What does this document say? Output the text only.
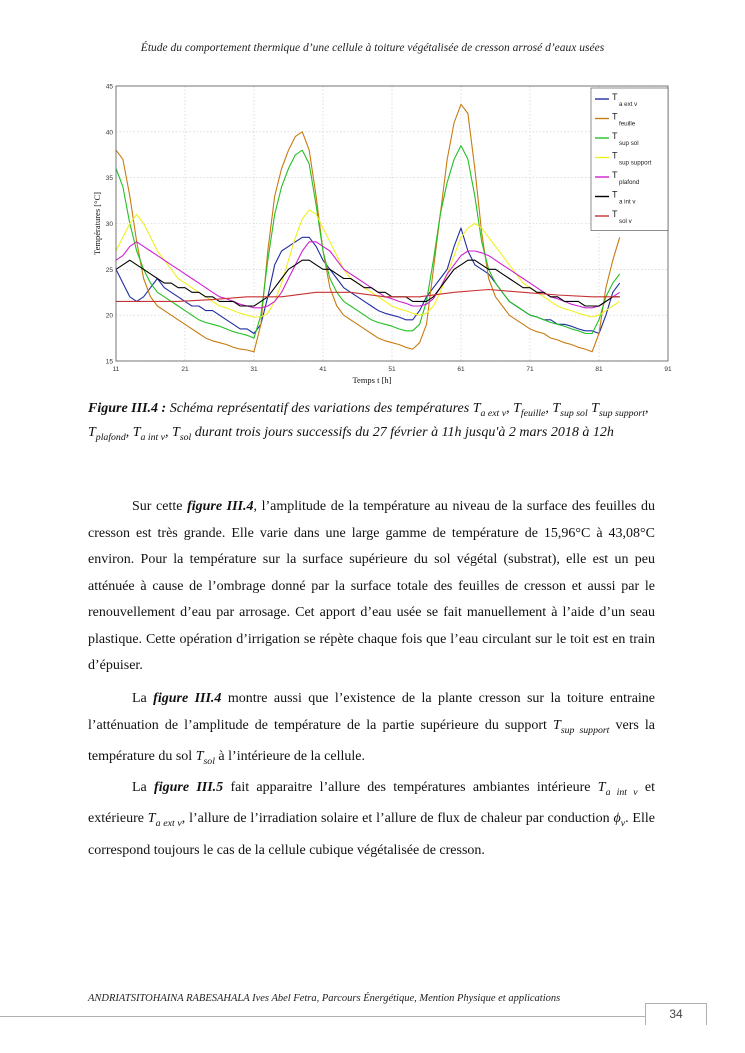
Étude du comportement thermique d’une cellule à toiture végétalisée de cresson arrosé d’eaux usées
11	21	31	41	51	61	71	81	91
15
20
25
30
35
40
45
Temps t [h]
Températures [°C]
T
a ext v
T
feuille
T
sup sol
T
sup support
T
plafond
T
a int v
T
sol v
Figure III.4 : Schéma représentatif des variations des températures $T_{a ext v}$, $T_{feuille}$, $T_{sup sol}$ $T_{sup support}$, $T_{plafond}$, $T_{a int v}$, $T_{sol}$ durant trois jours successifs du 27 février à 11h jusqu'à 2 mars 2018 à 12h
Sur cette figure III.4, l’amplitude de la température au niveau de la surface des feuilles du cresson est très grande. Elle varie dans une large gamme de température de 15,96°C à 43,08°C environ. Pour la température sur la surface supérieure du sol végétal (substrat), elle est un peu atténuée à cause de l’ombrage donné par la surface totale des feuilles de cresson et aussi par le renouvellement d’eau par arrosage. Cet apport d’eau usée se fait manuellement à l’aide d’un seau plastique. Cette opération d’irrigation se répète chaque fois que l’eau circulant sur le toit est en train d’épuiser.
La figure III.4 montre aussi que l’existence de la plante cresson sur la toiture entraine l’atténuation de l’amplitude de température de la partie supérieure du support $T_{sup support}$ vers la température du sol $T_{sol}$ à l’intérieure de la cellule.
La figure III.5 fait apparaitre l’allure des températures ambiantes intérieure $T_{a int v}$ et extérieure $T_{a ext v}$, l’allure de l’irradiation solaire et l’allure de flux de chaleur par conduction $\phi_v$. Elle correspond toujours le cas de la cellule cubique végétalisée de cresson.
ANDRIATSITOHAINA RABESAHALA Ives Abel Fetra, Parcours Énergétique, Mention Physique et applications
34
